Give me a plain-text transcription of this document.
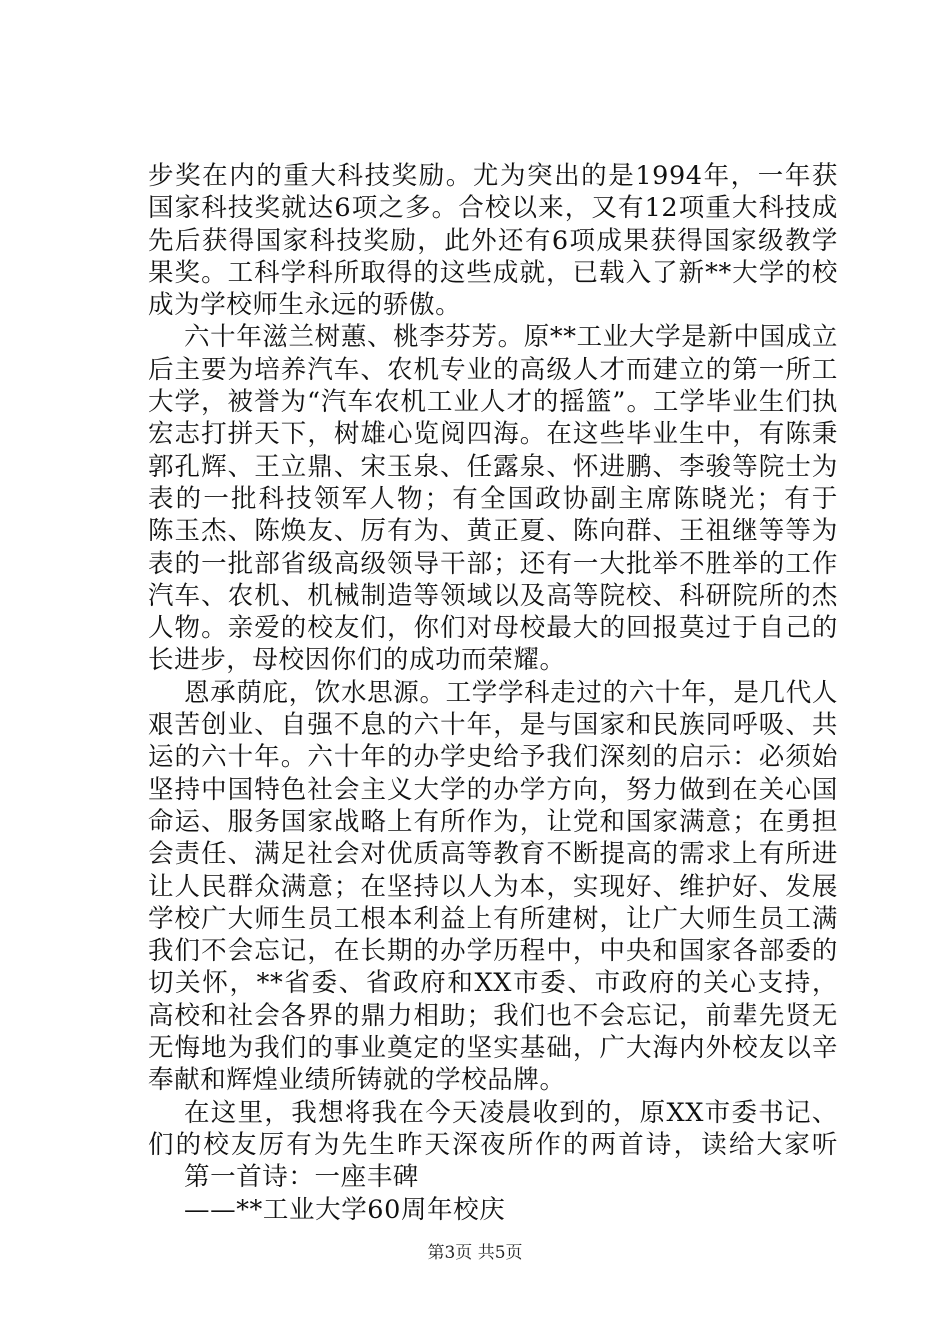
步奖在内的重大科技奖励。尤为突出的是1994年，一年获
国家科技奖就达6项之多。合校以来，又有12项重大科技成
先后获得国家科技奖励，此外还有6项成果获得国家级教学
果奖。工科学科所取得的这些成就，已载入了新**大学的校
成为学校师生永远的骄傲。
六十年滋兰树蕙、桃李芬芳。原**工业大学是新中国成立
后主要为培养汽车、农机专业的高级人才而建立的第一所工
大学，被誉为“汽车农机工业人才的摇篮”。工学毕业生们执
宏志打拼天下，树雄心览阅四海。在这些毕业生中，有陈秉
郭孔辉、王立鼎、宋玉泉、任露泉、怀进鹏、李骏等院士为
表的一批科技领军人物；有全国政协副主席陈晓光；有于
陈玉杰、陈焕友、厉有为、黄正夏、陈向群、王祖继等等为
表的一批部省级高级领导干部；还有一大批举不胜举的工作
汽车、农机、机械制造等领域以及高等院校、科研院所的杰
人物。亲爱的校友们，你们对母校最大的回报莫过于自己的
长进步，母校因你们的成功而荣耀。
恩承荫庇，饮水思源。工学学科走过的六十年，是几代人
艰苦创业、自强不息的六十年，是与国家和民族同呼吸、共
运的六十年。六十年的办学史给予我们深刻的启示：必须始
坚持中国特色社会主义大学的办学方向，努力做到在关心国
命运、服务国家战略上有所作为，让党和国家满意；在勇担
会责任、满足社会对优质高等教育不断提高的需求上有所进
让人民群众满意；在坚持以人为本，实现好、维护好、发展
学校广大师生员工根本利益上有所建树，让广大师生员工满
我们不会忘记，在长期的办学历程中，中央和国家各部委的
切关怀，**省委、省政府和XX市委、市政府的关心支持，
高校和社会各界的鼎力相助；我们也不会忘记，前辈先贤无
无悔地为我们的事业奠定的坚实基础，广大海内外校友以辛
奉献和辉煌业绩所铸就的学校品牌。
在这里，我想将我在今天凌晨收到的，原XX市委书记、
们的校友厉有为先生昨天深夜所作的两首诗，读给大家听
第一首诗：一座丰碑
——**工业大学60周年校庆
第3页 共5页
